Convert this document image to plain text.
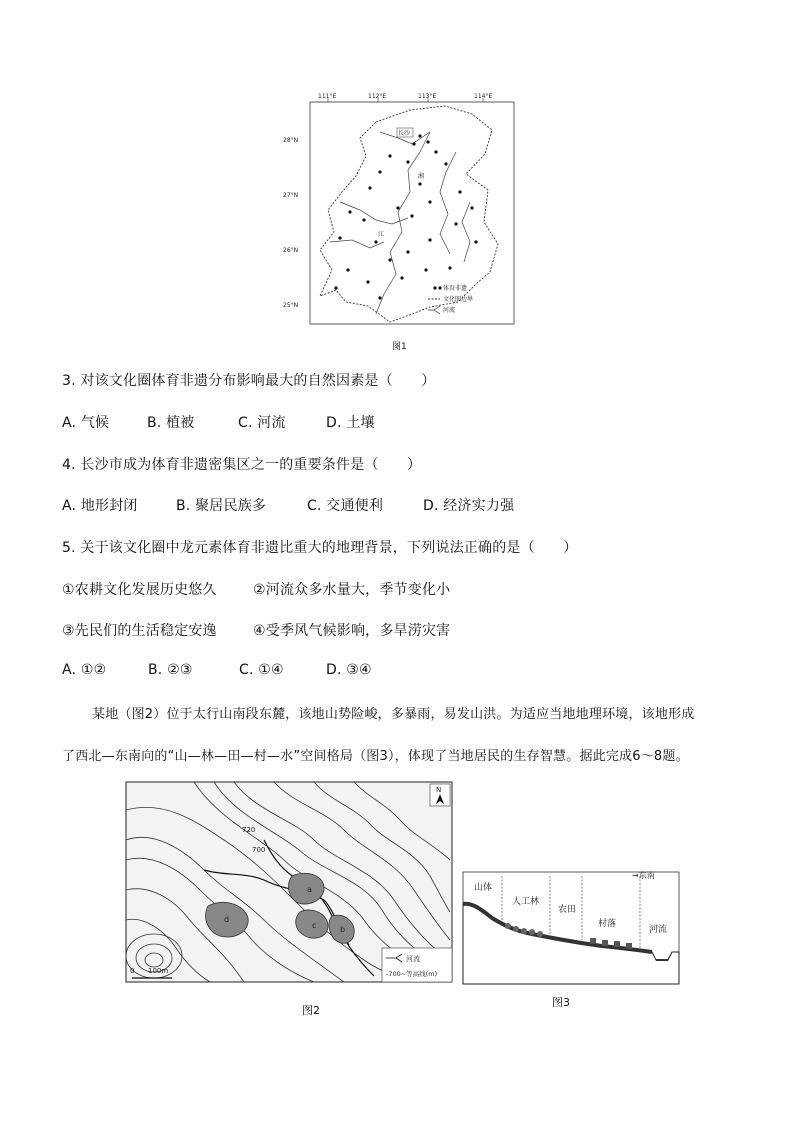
111°E	112°E	113°E	114°E
28°N
27°N
26°N
25°N
长沙
湘
江
体育非遗
文化圈边界
河流
图1
3. 对该文化圈体育非遗分布影响最大的自然因素是（　　）
A. 气候	B. 植被	C. 河流	D. 土壤
4. 长沙市成为体育非遗密集区之一的重要条件是（　　）
A. 地形封闭	B. 聚居民族多	C. 交通便利	D. 经济实力强
5. 关于该文化圈中龙元素体育非遗比重大的地理背景，下列说法正确的是（　　）
①农耕文化发展历史悠久	②河流众多水量大，季节变化小
③先民们的生活稳定安逸	④受季风气候影响，多旱涝灾害
A. ①②	B. ②③	C. ①④	D. ③④
某地（图2）位于太行山南段东麓，该地山势险峻，多暴雨，易发山洪。为适应当地地理环境，该地形成
了西北—东南向的“山—林—田—村—水”空间格局（图3），体现了当地居民的生存智慧。据此完成6～8题。
a
b
c
d
720
700
N
河流
-700~等高线(m)
0 100m
图2
→东南
山体
人工林
农田
村落
河流
图3
